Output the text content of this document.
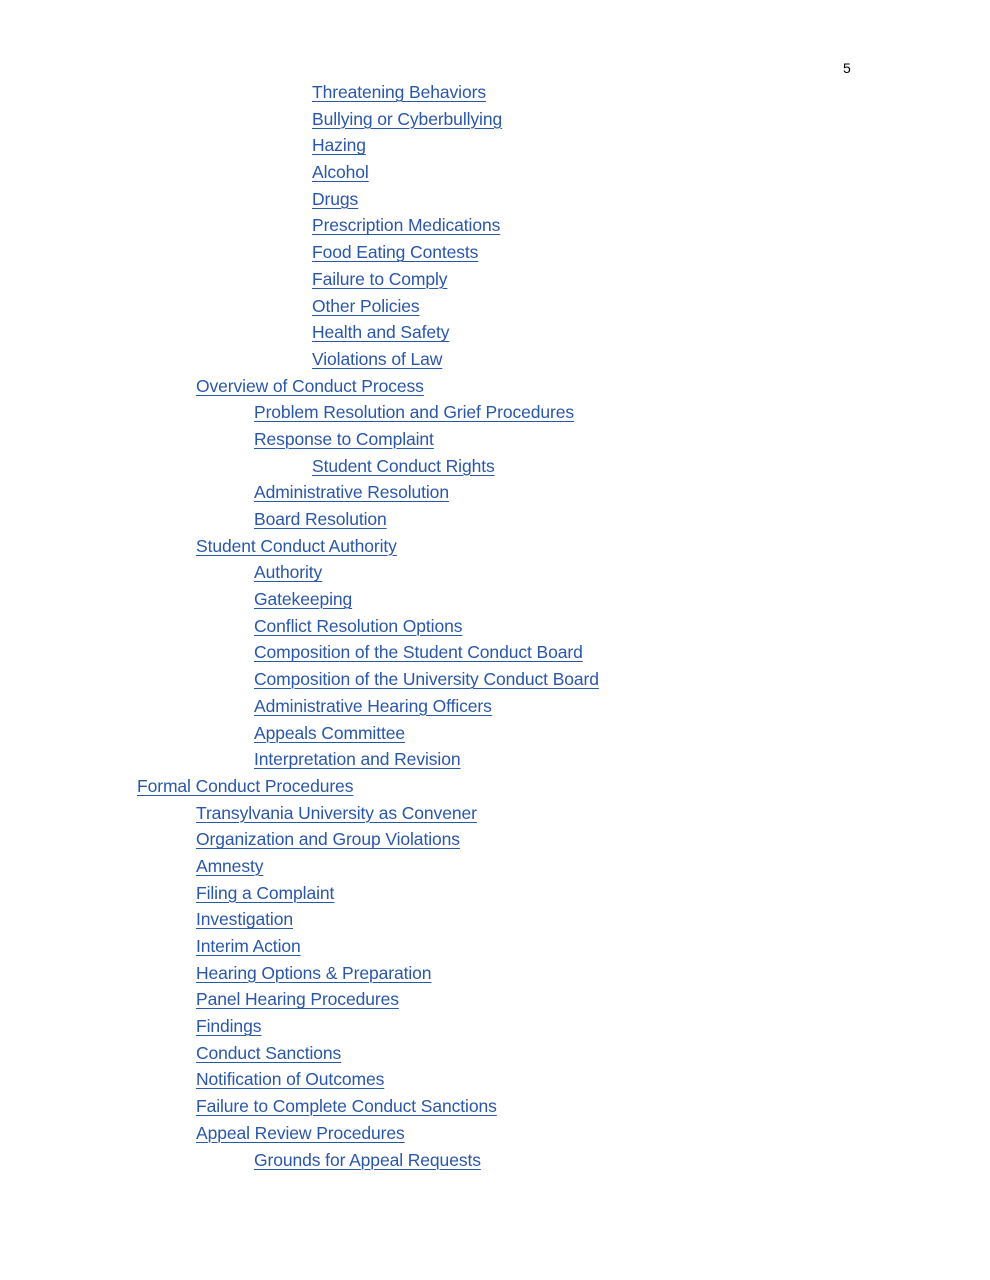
5
Threatening Behaviors
Bullying or Cyberbullying
Hazing
Alcohol
Drugs
Prescription Medications
Food Eating Contests
Failure to Comply
Other Policies
Health and Safety
Violations of Law
Overview of Conduct Process
Problem Resolution and Grief Procedures
Response to Complaint
Student Conduct Rights
Administrative Resolution
Board Resolution
Student Conduct Authority
Authority
Gatekeeping
Conflict Resolution Options
Composition of the Student Conduct Board
Composition of the University Conduct Board
Administrative Hearing Officers
Appeals Committee
Interpretation and Revision
Formal Conduct Procedures
Transylvania University as Convener
Organization and Group Violations
Amnesty
Filing a Complaint
Investigation
Interim Action
Hearing Options & Preparation
Panel Hearing Procedures
Findings
Conduct Sanctions
Notification of Outcomes
Failure to Complete Conduct Sanctions
Appeal Review Procedures
Grounds for Appeal Requests
